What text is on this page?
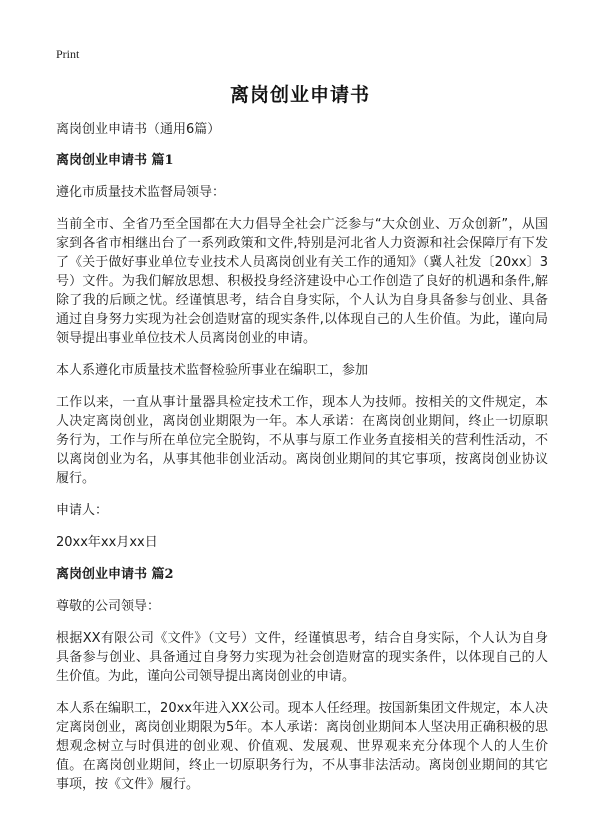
Print
离岗创业申请书

离岗创业申请书（通用6篇）

离岗创业申请书 篇1

遵化市质量技术监督局领导：

当前全市、全省乃至全国都在大力倡导全社会广泛参与“大众创业、万众创新”，从国家到各省市相继出台了一系列政策和文件,特别是河北省人力资源和社会保障厅有下发了《关于做好事业单位专业技术人员离岗创业有关工作的通知》（冀人社发〔20xx〕3号）文件。为我们解放思想、积极投身经济建设中心工作创造了良好的机遇和条件,解除了我的后顾之忧。经谨慎思考，结合自身实际，个人认为自身具备参与创业、具备通过自身努力实现为社会创造财富的现实条件,以体现自己的人生价值。为此，谨向局领导提出事业单位技术人员离岗创业的申请。

本人系遵化市质量技术监督检验所事业在编职工，参加

工作以来，一直从事计量器具检定技术工作，现本人为技师。按相关的文件规定，本人决定离岗创业，离岗创业期限为一年。本人承诺：在离岗创业期间，终止一切原职务行为，工作与所在单位完全脱钩，不从事与原工作业务直接相关的营利性活动，不以离岗创业为名，从事其他非创业活动。离岗创业期间的其它事项，按离岗创业协议履行。

申请人：

20xx年xx月xx日

离岗创业申请书 篇2

尊敬的公司领导：

根据XX有限公司《文件》（文号）文件，经谨慎思考，结合自身实际，个人认为自身具备参与创业、具备通过自身努力实现为社会创造财富的现实条件，以体现自己的人生价值。为此，谨向公司领导提出离岗创业的申请。

本人系在编职工，20xx年进入XX公司。现本人任经理。按国新集团文件规定，本人决定离岗创业，离岗创业期限为5年。本人承诺：离岗创业期间本人坚决用正确积极的思想观念树立与时俱进的创业观、价值观、发展观、世界观来充分体现个人的人生价值。在离岗创业期间，终止一切原职务行为，不从事非法活动。离岗创业期间的其它事项，按《文件》履行。
